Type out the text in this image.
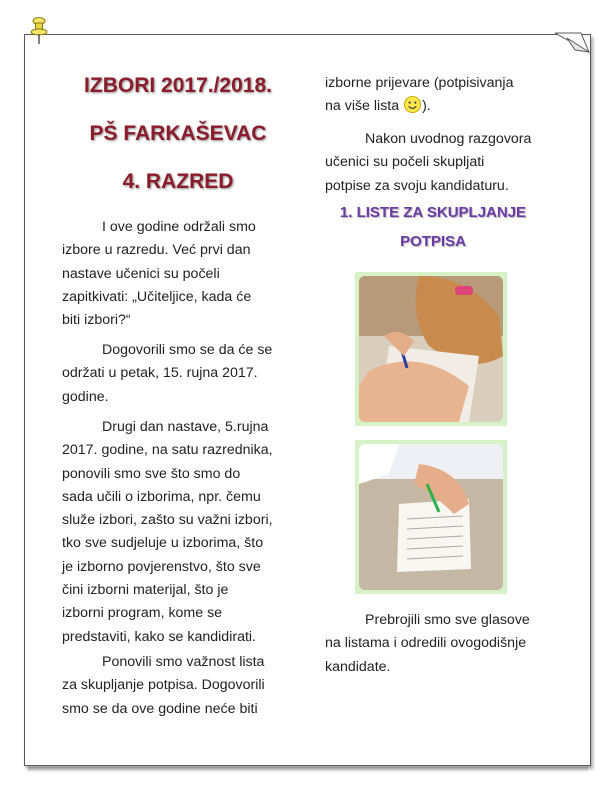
IZBORI 2017./2018.
PŠ FARKAŠEVAC
4. RAZRED

I ove godine održali smo
izbore u razredu. Već prvi dan
nastave učenici su počeli
zapitkivati: „Učiteljice, kada će
biti izbori?“

Dogovorili smo se da će se
održati u petak, 15. rujna 2017.
godine.

Drugi dan nastave, 5.rujna
2017. godine, na satu razrednika,
ponovili smo sve što smo do
sada učili o izborima, npr. čemu
služe izbori, zašto su važni izbori,
tko sve sudjeluje u izborima, što
je izborno povjerenstvo, što sve
čini izborni materijal, što je
izborni program, kome se
predstaviti, kako se kandidirati.

Ponovili smo važnost lista
za skupljanje potpisa. Dogovorili
smo se da ove godine neće biti

izborne prijevare (potpisivanja
na više lista ).

Nakon uvodnog razgovora
učenici su počeli skupljati
potpise za svoju kandidaturu.

1. LISTE ZA SKUPLJANJE
POTPISA

Prebrojili smo sve glasove
na listama i odredili ovogodišnje
kandidate.
